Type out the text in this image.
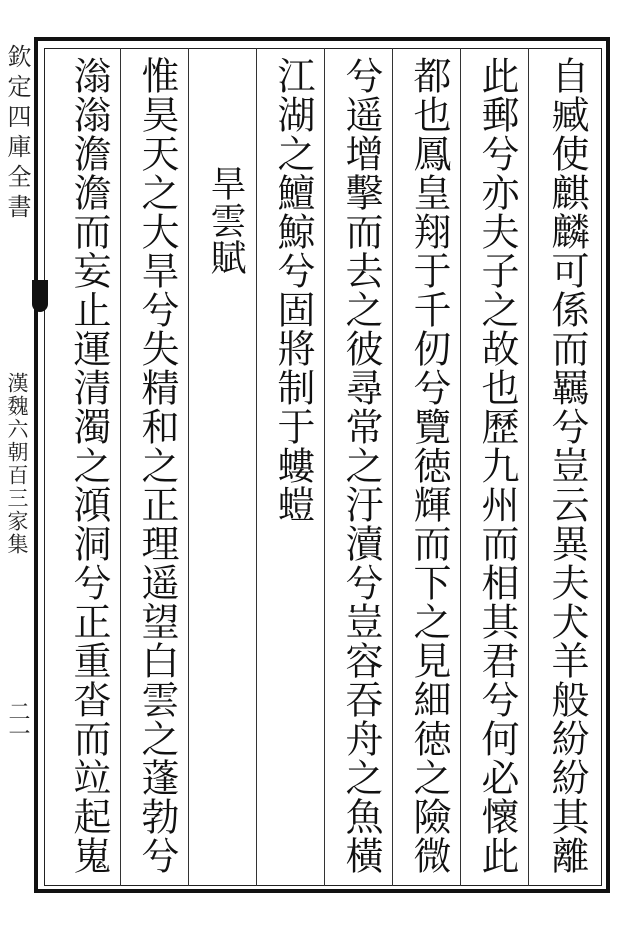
自臧使麒麟可係而羈兮豈云異夫犬羊般紛紛其離
此郵兮亦夫子之故也歷九州而相其君兮何必懷此
都也鳳皇翔于千仞兮覽徳輝而下之見細徳之險微
兮遥增擊而去之彼尋常之汙瀆兮豈容吞舟之魚橫
江湖之鱣鯨兮固將制于螻螘
旱雲賦
惟昊天之大旱兮失精和之正理遥望白雲之蓬勃兮
滃滃澹澹而妄止運清濁之澒洞兮正重沓而竝起嵬
欽定四庫全書
漢魏六朝百三家集
二一
